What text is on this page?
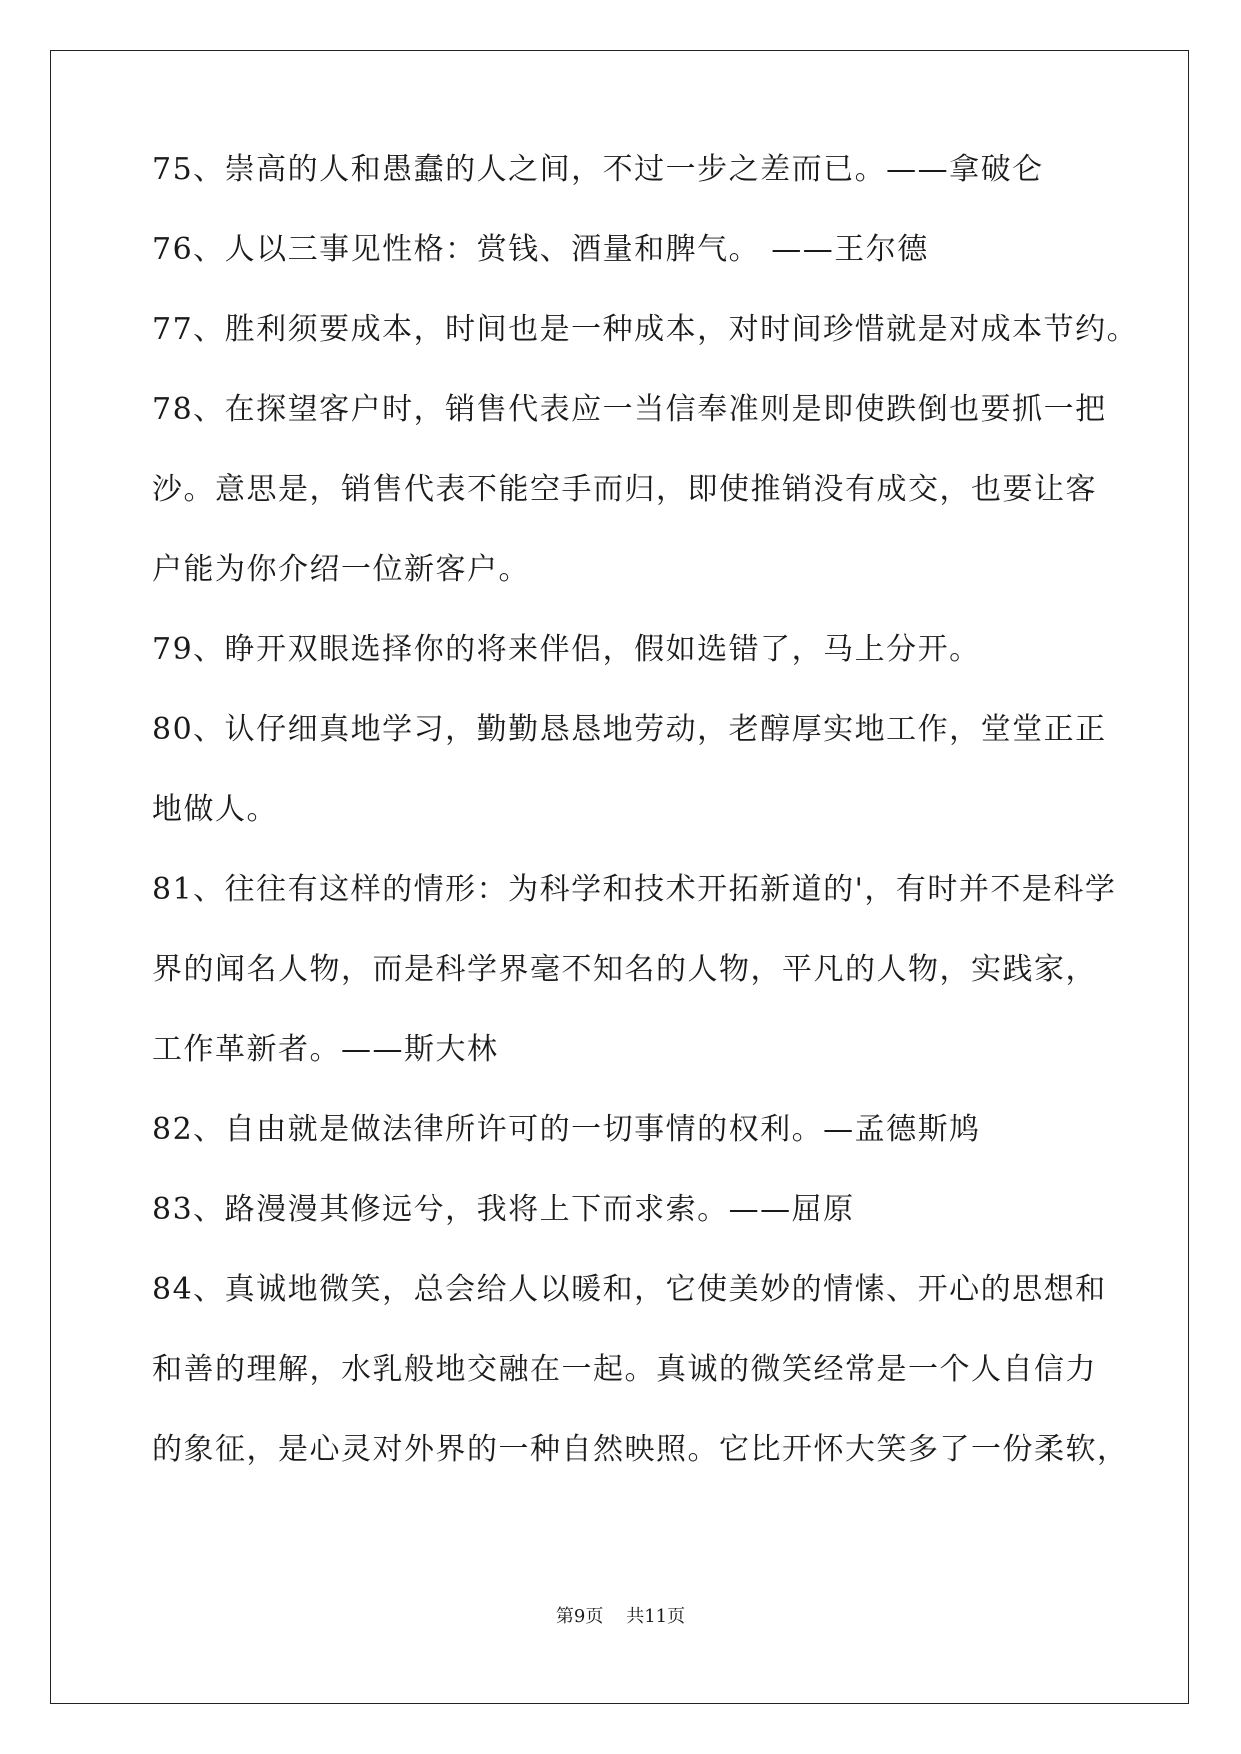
75、崇高的人和愚蠢的人之间，不过一步之差而已。——拿破仑
76、人以三事见性格：赏钱、酒量和脾气。 ——王尔德
77、胜利须要成本，时间也是一种成本，对时间珍惜就是对成本节约。
78、在探望客户时，销售代表应一当信奉准则是即使跌倒也要抓一把
沙。意思是，销售代表不能空手而归，即使推销没有成交，也要让客
户能为你介绍一位新客户。
79、睁开双眼选择你的将来伴侣，假如选错了，马上分开。
80、认仔细真地学习，勤勤恳恳地劳动，老醇厚实地工作，堂堂正正
地做人。
81、往往有这样的情形：为科学和技术开拓新道的'，有时并不是科学
界的闻名人物，而是科学界毫不知名的人物，平凡的人物，实践家，
工作革新者。——斯大林
82、自由就是做法律所许可的一切事情的权利。—孟德斯鸠
83、路漫漫其修远兮，我将上下而求索。——屈原
84、真诚地微笑，总会给人以暖和，它使美妙的情愫、开心的思想和
和善的理解，水乳般地交融在一起。真诚的微笑经常是一个人自信力
的象征，是心灵对外界的一种自然映照。它比开怀大笑多了一份柔软，
第9页 共11页
